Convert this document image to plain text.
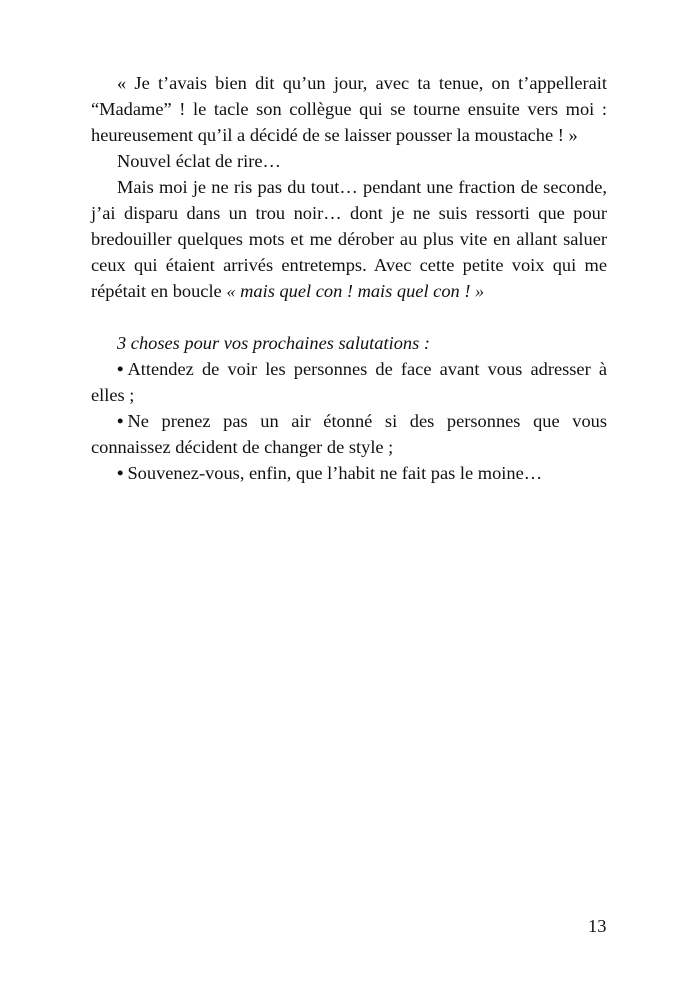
« Je t’avais bien dit qu’un jour, avec ta tenue, on t’appellerait “Madame” ! le tacle son collègue qui se tourne ensuite vers moi : heureusement qu’il a décidé de se laisser pousser la moustache ! »

Nouvel éclat de rire…

Mais moi je ne ris pas du tout… pendant une fraction de seconde, j’ai disparu dans un trou noir… dont je ne suis ressorti que pour bredouiller quelques mots et me dérober au plus vite en allant saluer ceux qui étaient arrivés entretemps. Avec cette petite voix qui me répétait en boucle « mais quel con ! mais quel con ! »

3 choses pour vos prochaines salutations :

• Attendez de voir les personnes de face avant vous adresser à elles ;

• Ne prenez pas un air étonné si des personnes que vous connaissez décident de changer de style ;

• Souvenez-vous, enfin, que l’habit ne fait pas le moine…

13
